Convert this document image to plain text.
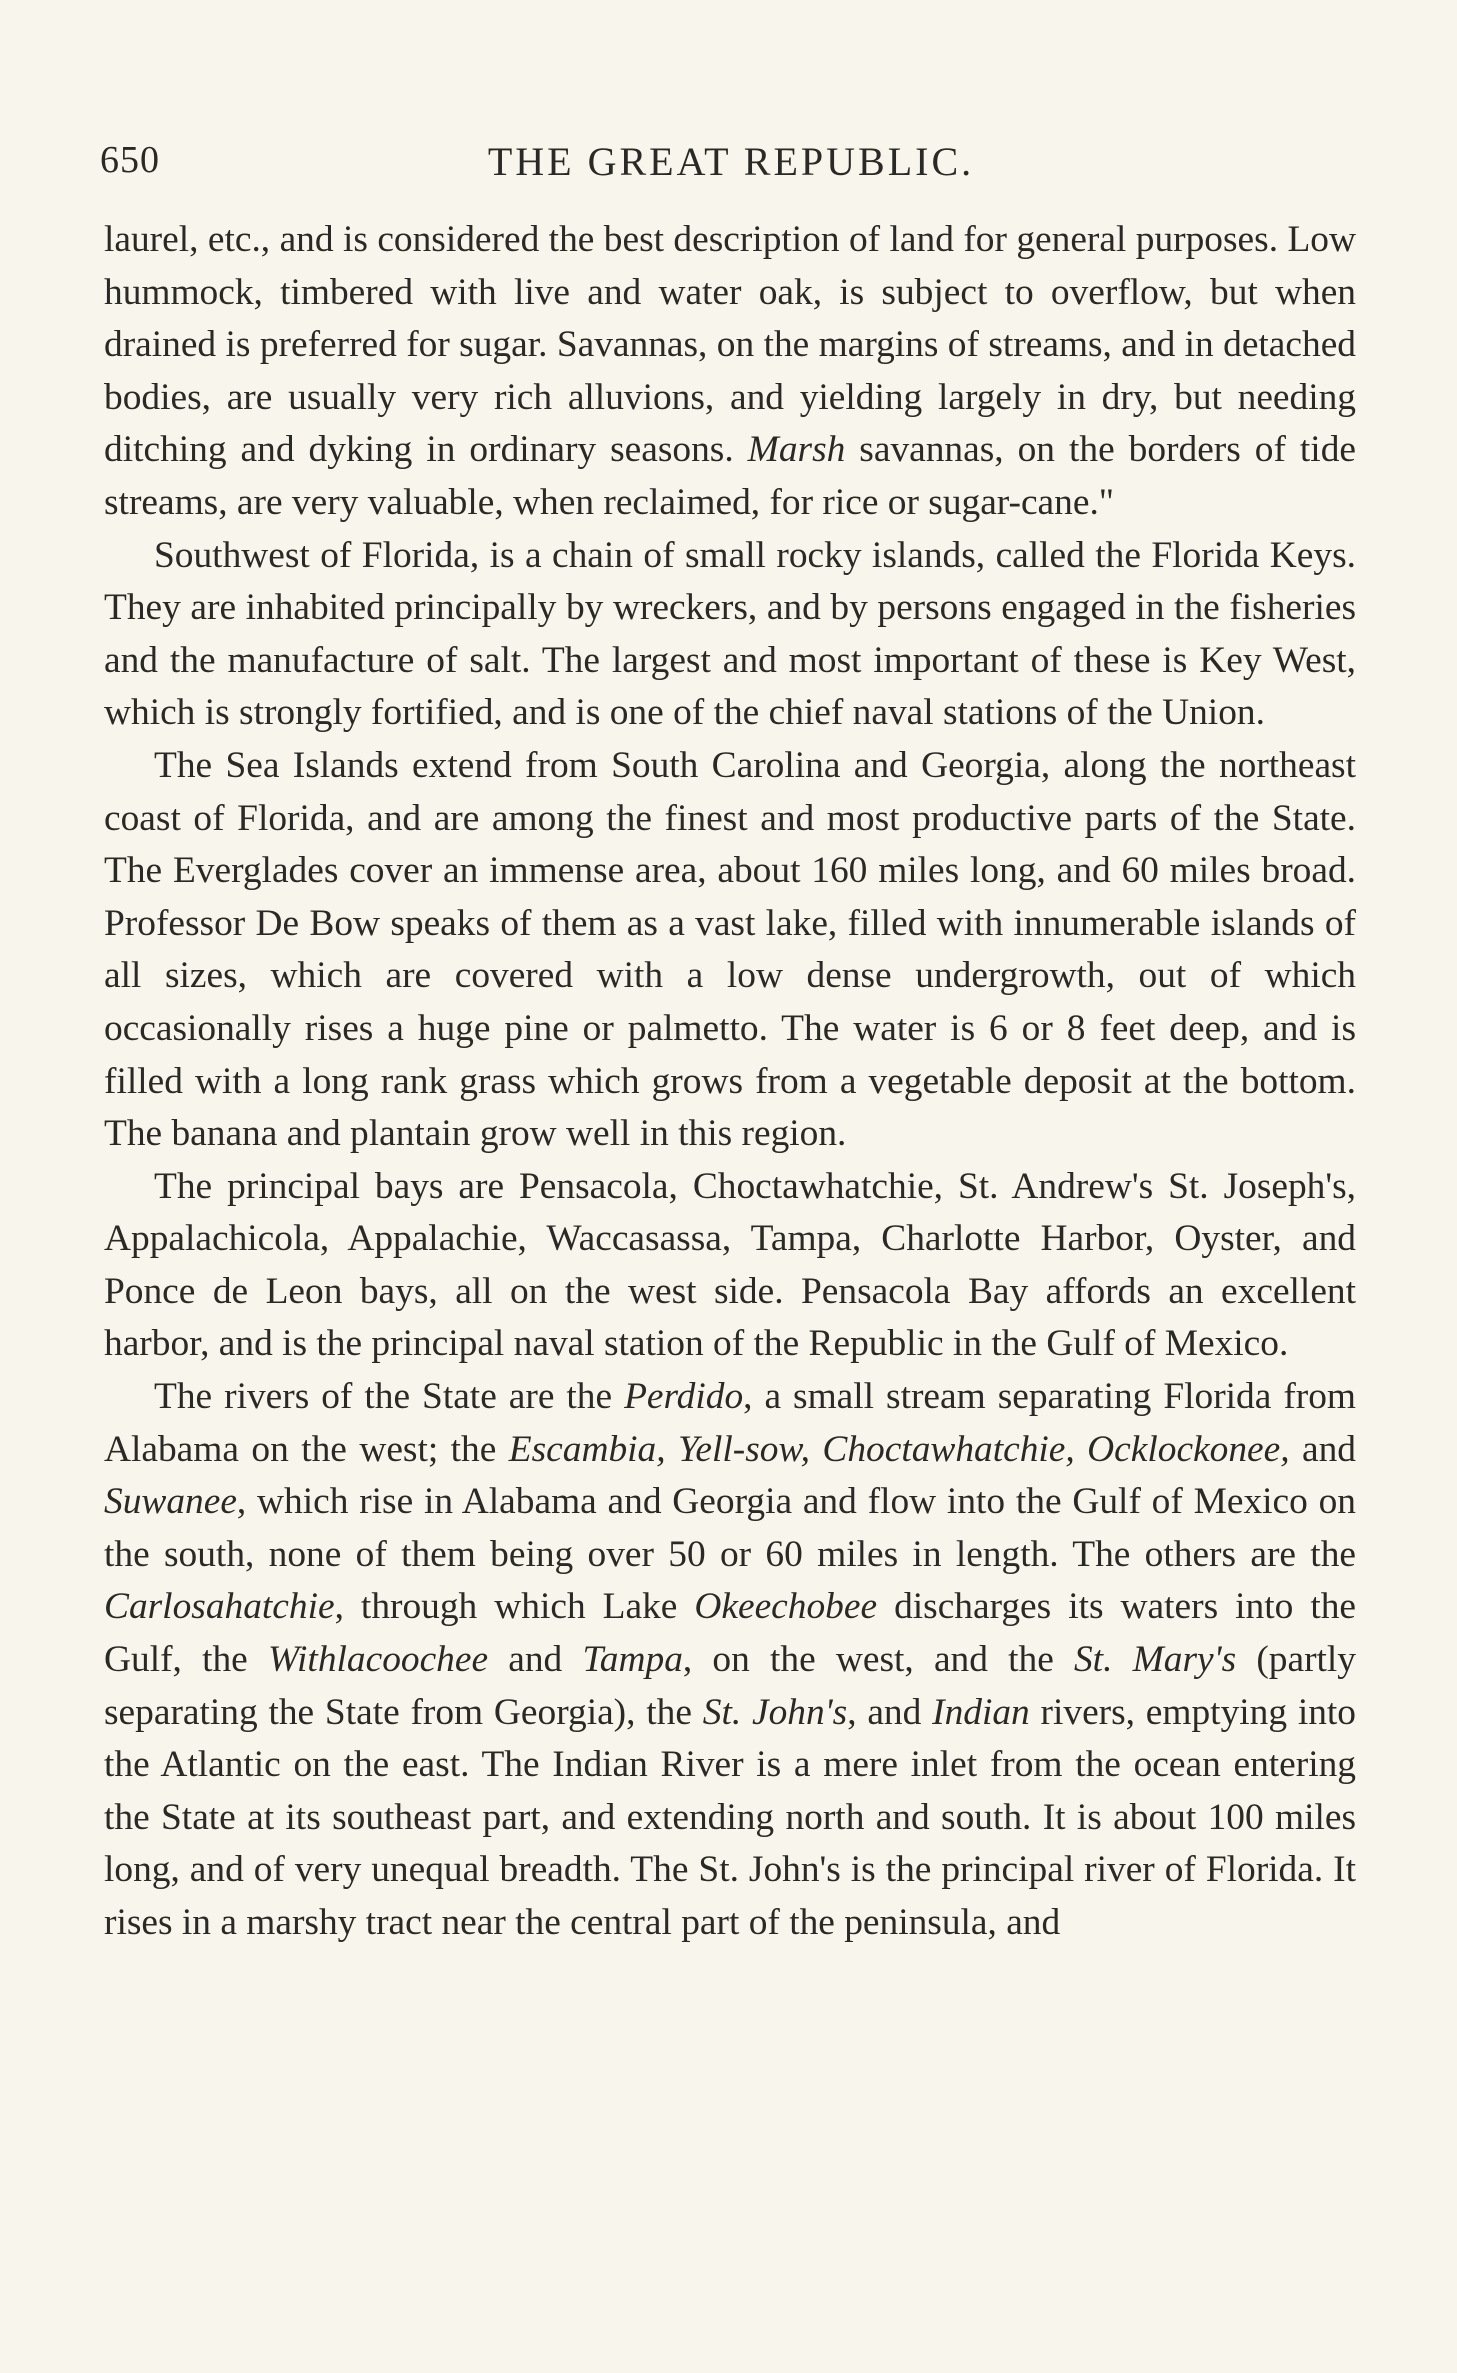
650	THE GREAT REPUBLIC.

laurel, etc., and is considered the best description of land for general purposes. Low hummock, timbered with live and water oak, is subject to overflow, but when drained is preferred for sugar. Savannas, on the margins of streams, and in detached bodies, are usually very rich alluvions, and yielding largely in dry, but needing ditching and dyking in ordinary seasons. Marsh savannas, on the borders of tide streams, are very valuable, when reclaimed, for rice or sugar-cane."

Southwest of Florida, is a chain of small rocky islands, called the Florida Keys. They are inhabited principally by wreckers, and by persons engaged in the fisheries and the manufacture of salt. The largest and most important of these is Key West, which is strongly fortified, and is one of the chief naval stations of the Union.

The Sea Islands extend from South Carolina and Georgia, along the northeast coast of Florida, and are among the finest and most productive parts of the State. The Everglades cover an immense area, about 160 miles long, and 60 miles broad. Professor De Bow speaks of them as a vast lake, filled with innumerable islands of all sizes, which are covered with a low dense undergrowth, out of which occasionally rises a huge pine or palmetto. The water is 6 or 8 feet deep, and is filled with a long rank grass which grows from a vegetable deposit at the bottom. The banana and plantain grow well in this region.

The principal bays are Pensacola, Choctawhatchie, St. Andrew's St. Joseph's, Appalachicola, Appalachie, Waccasassa, Tampa, Charlotte Harbor, Oyster, and Ponce de Leon bays, all on the west side. Pensacola Bay affords an excellent harbor, and is the principal naval station of the Republic in the Gulf of Mexico.

The rivers of the State are the Perdido, a small stream separating Florida from Alabama on the west; the Escambia, Yell-sow, Choctawhatchie, Ocklockonee, and Suwanee, which rise in Alabama and Georgia and flow into the Gulf of Mexico on the south, none of them being over 50 or 60 miles in length. The others are the Carlosahatchie, through which Lake Okeechobee discharges its waters into the Gulf, the Withlacoochee and Tampa, on the west, and the St. Mary's (partly separating the State from Georgia), the St. John's, and Indian rivers, emptying into the Atlantic on the east. The Indian River is a mere inlet from the ocean entering the State at its southeast part, and extending north and south. It is about 100 miles long, and of very unequal breadth. The St. John's is the principal river of Florida. It rises in a marshy tract near the central part of the peninsula, and
